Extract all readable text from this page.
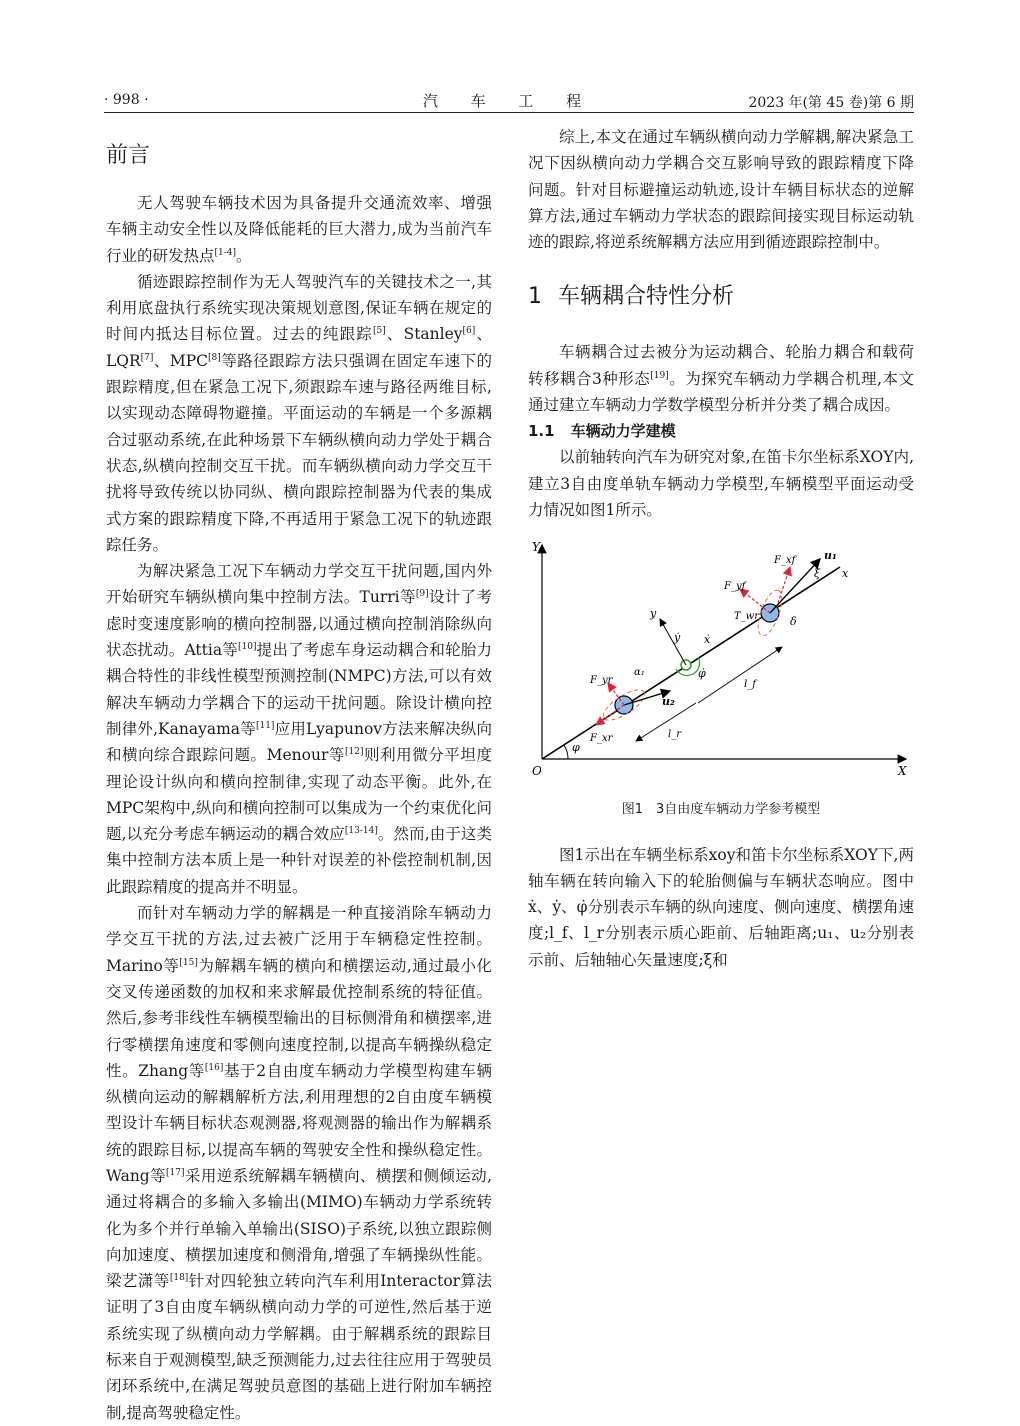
· 998 ·	汽 车 工 程	2023 年(第 45 卷)第 6 期
前言

无人驾驶车辆技术因为具备提升交通流效率、增强车辆主动安全性以及降低能耗的巨大潜力,成为当前汽车行业的研发热点[1-4]。

循迹跟踪控制作为无人驾驶汽车的关键技术之一,其利用底盘执行系统实现决策规划意图,保证车辆在规定的时间内抵达目标位置。过去的纯跟踪[5]、Stanley[6]、LQR[7]、MPC[8]等路径跟踪方法只强调在固定车速下的跟踪精度,但在紧急工况下,须跟踪车速与路径两维目标,以实现动态障碍物避撞。平面运动的车辆是一个多源耦合过驱动系统,在此种场景下车辆纵横向动力学处于耦合状态,纵横向控制交互干扰。而车辆纵横向动力学交互干扰将导致传统以协同纵、横向跟踪控制器为代表的集成式方案的跟踪精度下降,不再适用于紧急工况下的轨迹跟踪任务。

为解决紧急工况下车辆动力学交互干扰问题,国内外开始研究车辆纵横向集中控制方法。Turri等[9]设计了考虑时变速度影响的横向控制器,以通过横向控制消除纵向状态扰动。Attia等[10]提出了考虑车身运动耦合和轮胎力耦合特性的非线性模型预测控制(NMPC)方法,可以有效解决车辆动力学耦合下的运动干扰问题。除设计横向控制律外,Kanayama等[11]应用Lyapunov方法来解决纵向和横向综合跟踪问题。Menour等[12]则利用微分平坦度理论设计纵向和横向控制律,实现了动态平衡。此外,在MPC架构中,纵向和横向控制可以集成为一个约束优化问题,以充分考虑车辆运动的耦合效应[13-14]。然而,由于这类集中控制方法本质上是一种针对误差的补偿控制机制,因此跟踪精度的提高并不明显。

而针对车辆动力学的解耦是一种直接消除车辆动力学交互干扰的方法,过去被广泛用于车辆稳定性控制。Marino等[15]为解耦车辆的横向和横摆运动,通过最小化交叉传递函数的加权和来求解最优控制系统的特征值。然后,参考非线性车辆模型输出的目标侧滑角和横摆率,进行零横摆角速度和零侧向速度控制,以提高车辆操纵稳定性。Zhang等[16]基于2自由度车辆动力学模型构建车辆纵横向运动的解耦解析方法,利用理想的2自由度车辆模型设计车辆目标状态观测器,将观测器的输出作为解耦系统的跟踪目标,以提高车辆的驾驶安全性和操纵稳定性。Wang等[17]采用逆系统解耦车辆横向、横摆和侧倾运动,通过将耦合的多输入多输出(MIMO)车辆动力学系统转化为多个并行单输入单输出(SISO)子系统,以独立跟踪侧向加速度、横摆加速度和侧滑角,增强了车辆操纵性能。梁艺潇等[18]针对四轮独立转向汽车利用Interactor算法证明了3自由度车辆纵横向动力学的可逆性,然后基于逆系统实现了纵横向动力学解耦。由于解耦系统的跟踪目标来自于观测模型,缺乏预测能力,过去往往应用于驾驶员闭环系统中,在满足驾驶员意图的基础上进行附加车辆控制,提高驾驶稳定性。

综上,本文在通过车辆纵横向动力学解耦,解决紧急工况下因纵横向动力学耦合交互影响导致的跟踪精度下降问题。针对目标避撞运动轨迹,设计车辆目标状态的逆解算方法,通过车辆动力学状态的跟踪间接实现目标运动轨迹的跟踪,将逆系统解耦方法应用到循迹跟踪控制中。

1 车辆耦合特性分析

车辆耦合过去被分为运动耦合、轮胎力耦合和载荷转移耦合3种形态[19]。为探究车辆动力学耦合机理,本文通过建立车辆动力学数学模型分析并分类了耦合成因。

1.1 车辆动力学建模

以前轴转向汽车为研究对象,在笛卡尔坐标系XOY内,建立3自由度单轨车辆动力学模型,车辆模型平面运动受力情况如图1所示。

Y
X
O
φ
x
φ̇
y
ẏ ẋ
u₁
u₂
F_yf
F_xf
T_wr	δ
ξ
F_yr
F_xr
α₁
l_f
l_r
图1　3自由度车辆动力学参考模型

图1示出在车辆坐标系xoy和笛卡尔坐标系XOY下,两轴车辆在转向输入下的轮胎侧偏与车辆状态响应。图中ẋ、ẏ、φ̇分别表示车辆的纵向速度、侧向速度、横摆角速度;l_f、l_r分别表示质心距前、后轴距离;u₁、u₂分别表示前、后轴轴心矢量速度;ξ和
